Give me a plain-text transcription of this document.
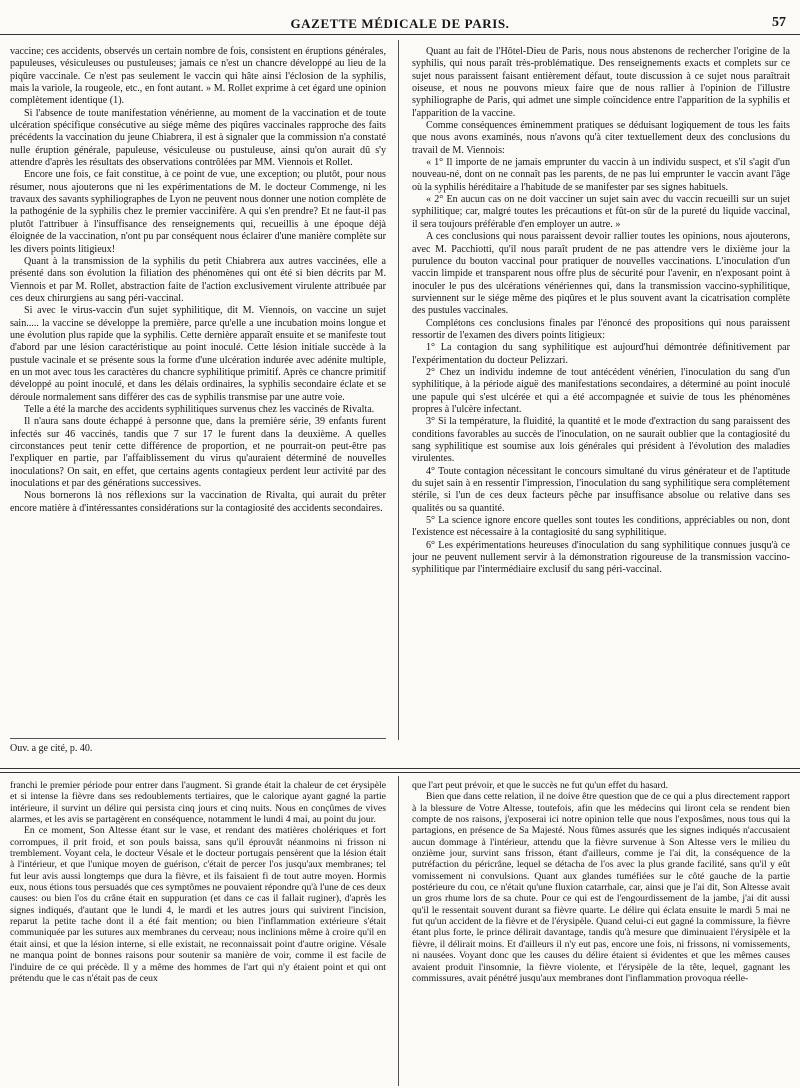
GAZETTE MÉDICALE DE PARIS.	57

vaccine; ces accidents, observés un certain nombre de fois, consistent en éruptions générales, papuleuses, vésiculeuses ou pustuleuses; jamais ce n'est un chancre développé au lieu de la piqûre vaccinale. Ce n'est pas seulement le vaccin qui hâte ainsi l'éclosion de la syphilis, mais la variole, la rougeole, etc., en font autant. » M. Rollet exprime à cet égard une opinion complètement identique (1).

Si l'absence de toute manifestation vénérienne, au moment de la vaccination et de toute ulcération spécifique consécutive au siége même des piqûres vaccinales rapproche des faits précédents la vaccination du jeune Chiabrera, il est à signaler que la commission n'a constaté nulle éruption générale, papuleuse, vésiculeuse ou pustuleuse, ainsi qu'on aurait dû s'y attendre d'après les résultats des observations contrôlées par MM. Viennois et Rollet.

Encore une fois, ce fait constitue, à ce point de vue, une exception; ou plutôt, pour nous résumer, nous ajouterons que ni les expérimentations de M. le docteur Commenge, ni les travaux des savants syphiliographes de Lyon ne peuvent nous donner une notion complète de la pathogénie de la syphilis chez le premier vaccinifère. A qui s'en prendre? Et ne faut-il pas plutôt l'attribuer à l'insuffisance des renseignements qui, recueillis à une époque déjà éloignée de la vaccination, n'ont pu par conséquent nous éclairer d'une manière complète sur les divers points litigieux!

Quant à la transmission de la syphilis du petit Chiabrera aux autres vaccinées, elle a présenté dans son évolution la filiation des phénomènes qui ont été si bien décrits par M. Viennois et par M. Rollet, abstraction faite de l'action exclusivement virulente attribuée par ces deux chirurgiens au sang péri-vaccinal.

Si avec le virus-vaccin d'un sujet syphilitique, dit M. Viennois, on vaccine un sujet sain..... la vaccine se développe la première, parce qu'elle a une incubation moins longue et une évolution plus rapide que la syphilis. Cette dernière apparaît ensuite et se manifeste tout d'abord par une lésion caractéristique au point inoculé. Cette lésion initiale succède à la pustule vacinale et se présente sous la forme d'une ulcération indurée avec adénite multiple, en un mot avec tous les caractères du chancre syphilitique primitif. Après ce chancre primitif développé au point inoculé, et dans les délais ordinaires, la syphilis secondaire éclate et se déroule normalement sans différer des cas de syphilis transmise par une autre voie.

Telle a été la marche des accidents syphilitiques survenus chez les vaccinés de Rivalta.

Il n'aura sans doute échappé à personne que, dans la première série, 39 enfants furent infectés sur 46 vaccinés, tandis que 7 sur 17 le furent dans la deuxième. A quelles circonstances peut tenir cette différence de proportion, et ne pourrait-on peut-être pas l'expliquer en partie, par l'affaiblissement du virus qu'auraient déterminé de nouvelles inoculations? On sait, en effet, que certains agents contagieux perdent leur activité par des inoculations et par des générations successives.

Nous bornerons là nos réflexions sur la vaccination de Rivalta, qui aurait du prêter encore matière à d'intéressantes considérations sur la contagiosité des accidents secondaires.

Quant au fait de l'Hôtel-Dieu de Paris, nous nous abstenons de rechercher l'origine de la syphilis, qui nous paraît très-problématique. Des renseignements exacts et complets sur ce sujet nous paraissent faisant entièrement défaut, toute discussion à ce sujet nous paraîtrait oiseuse, et nous ne pouvons mieux faire que de nous rallier à l'opinion de l'illustre syphiliographe de Paris, qui admet une simple coïncidence entre l'apparition de la syphilis et l'apparition de la vaccine.

Comme conséquences éminemment pratiques se déduisant logiquement de tous les faits que nous avons examinés, nous n'avons qu'à citer textuellement deux des conclusions du travail de M. Viennois:

« 1° Il importe de ne jamais emprunter du vaccin à un individu suspect, et s'il s'agit d'un nouveau-né, dont on ne connaît pas les parents, de ne pas lui emprunter le vaccin avant l'âge où la syphilis héréditaire a l'habitude de se manifester par ses signes habituels.

« 2° En aucun cas on ne doit vacciner un sujet sain avec du vaccin recueilli sur un sujet syphilitique; car, malgré toutes les précautions et fût-on sûr de la pureté du liquide vaccinal, il sera toujours préférable d'en employer un autre. »

A ces conclusions qui nous paraissent devoir rallier toutes les opinions, nous ajouterons, avec M. Pacchiotti, qu'il nous paraît prudent de ne pas attendre vers le dixième jour la purulence du bouton vaccinal pour pratiquer de nouvelles vaccinations. L'inoculation d'un vaccin limpide et transparent nous offre plus de sécurité pour l'avenir, en n'exposant point à inoculer le pus des ulcérations vénériennes qui, dans la transmission vaccino-syphilitique, surviennent sur le siége même des piqûres et le plus souvent avant la cicatrisation complète des pustules vaccinales.

Complétons ces conclusions finales par l'énoncé des propositions qui nous paraissent ressortir de l'examen des divers points litigieux:

1° La contagion du sang syphilitique est aujourd'hui démontrée définitivement par l'expérimentation du docteur Pelizzari.

2° Chez un individu indemne de tout antécédent vénérien, l'inoculation du sang d'un syphilitique, à la période aiguë des manifestations secondaires, a déterminé au point inoculé une papule qui s'est ulcérée et qui a été accompagnée et suivie de tous les phénomènes propres à l'ulcère infectant.

3° Si la température, la fluidité, la quantité et le mode d'extraction du sang paraissent des conditions favorables au succès de l'inoculation, on ne saurait oublier que la contagiosité du sang syphilitique est soumise aux lois générales qui président à l'évolution des maladies virulentes.

4° Toute contagion nécessitant le concours simultané du virus générateur et de l'aptitude du sujet sain à en ressentir l'impression, l'inoculation du sang syphilitique sera complétement stérile, si l'un de ces deux facteurs pêche par insuffisance absolue ou relative dans ses qualités ou sa quantité.

5° La science ignore encore quelles sont toutes les conditions, appréciables ou non, dont l'existence est nécessaire à la contagiosité du sang syphilitique.

6° Les expérimentations heureuses d'inoculation du sang syphilitique connues jusqu'à ce jour ne peuvent nullement servir à la démonstration rigoureuse de la transmission vaccino-syphilitique par l'intermédiaire exclusif du sang péri-vaccinal.

Ouv. a ge cité, p. 40.

franchi le premier période pour entrer dans l'augment. Si grande était la chaleur de cet érysipèle et si intense la fièvre dans ses redoublements tertiaires, que le calorique ayant gagné la partie intérieure, il survint un délire qui persista cinq jours et cinq nuits. Nous en conçûmes de vives alarmes, et les avis se partagèrent en conséquence, notamment le lundi 4 mai, au point du jour.

En ce moment, Son Altesse étant sur le vase, et rendant des matières cholériques et fort corrompues, il prit froid, et son pouls baissa, sans qu'il éprouvât néanmoins ni frisson ni tremblement. Voyant cela, le docteur Vésale et le docteur portugais pensèrent que la lésion était à l'intérieur, et que l'unique moyen de guérison, c'était de percer l'os jusqu'aux membranes; tel fut leur avis aussi longtemps que dura la fièvre, et ils faisaient fi de tout autre moyen. Hormis eux, nous étions tous persuadés que ces symptômes ne pouvaient répondre qu'à l'une de ces deux causes: ou bien l'os du crâne était en suppuration (et dans ce cas il fallait ruginer), d'après les signes indiqués, d'autant que le lundi 4, le mardi et les autres jours qui suivirent l'incision, reparut la petite tache dont il a été fait mention; ou bien l'inflammation extérieure s'était communiquée par les sutures aux membranes du cerveau; nous inclinions même à croire qu'il en était ainsi, et que la lésion interne, si elle existait, ne reconnaissait point d'autre origine. Vésale ne manqua point de bonnes raisons pour soutenir sa manière de voir, comme il est facile de l'induire de ce qui précède. Il y a même des hommes de l'art qui n'y étaient point et qui ont prétendu que le cas n'était pas de ceux

que l'art peut prévoir, et que le succès ne fut qu'un effet du hasard.

Bien que dans cette relation, il ne doive être question que de ce qui a plus directement rapport à la blessure de Votre Altesse, toutefois, afin que les médecins qui liront cela se rendent bien compte de nos raisons, j'exposerai ici notre opinion telle que nous l'exposâmes, nous tous qui la partagions, en présence de Sa Majesté. Nous fûmes assurés que les signes indiqués n'accusaient aucun dommage à l'intérieur, attendu que la fièvre survenue à Son Altesse vers le milieu du onzième jour, survint sans frisson, étant d'ailleurs, comme je l'ai dit, la conséquence de la putréfaction du péricrâne, lequel se détacha de l'os avec la plus grande facilité, sans qu'il y eût vomissement ni convulsions. Quant aux glandes tuméfiées sur le côté gauche de la partie postérieure du cou, ce n'était qu'une fluxion catarrhale, car, ainsi que je l'ai dit, Son Altesse avait un gros rhume lors de sa chute. Pour ce qui est de l'engourdissement de la jambe, j'ai dit aussi qu'il le ressentait souvent durant sa fièvre quarte. Le délire qui éclata ensuite le mardi 5 mai ne fut qu'un accident de la fièvre et de l'érysipèle. Quand celui-ci eut gagné la commissure, la fièvre étant plus forte, le prince délirait davantage, tandis qu'à mesure que diminuaient l'érysipèle et la fièvre, il délirait moins. Et d'ailleurs il n'y eut pas, encore une fois, ni frissons, ni vomissements, ni nausées. Voyant donc que les causes du délire étaient si évidentes et que les mêmes causes avaient produit l'insomnie, la fièvre violente, et l'érysipèle de la tête, lequel, gagnant les commissures, avait pénétré jusqu'aux membranes dont l'inflammation provoqua réelle-
